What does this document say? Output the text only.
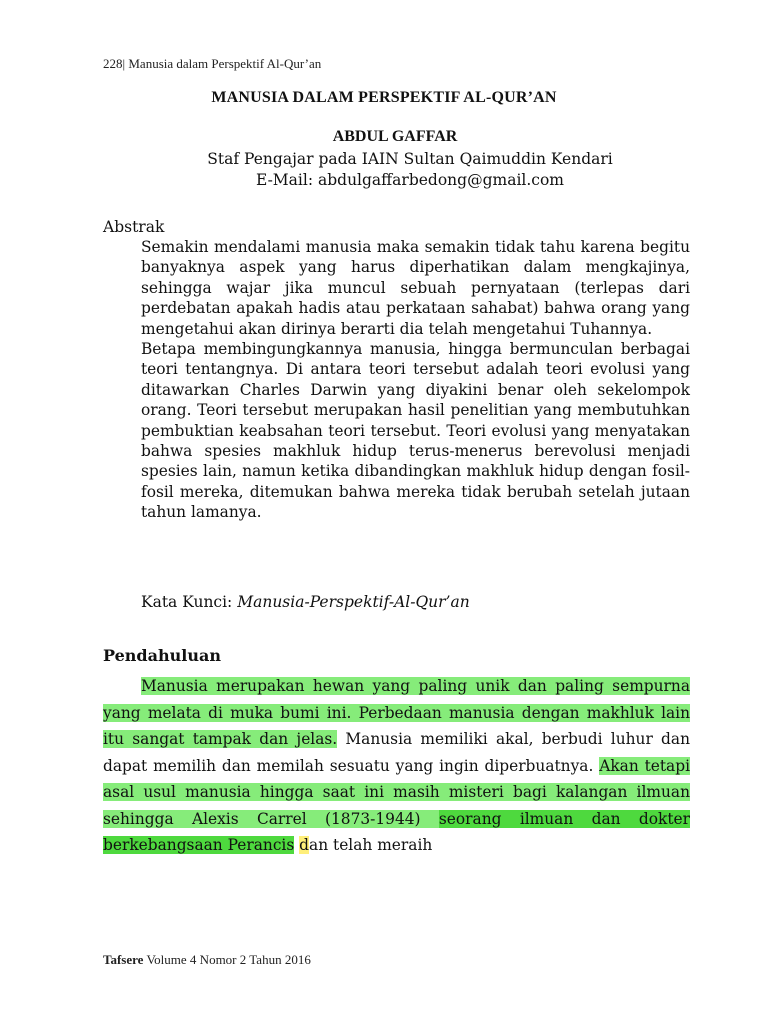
228| Manusia dalam Perspektif Al-Qur’an
MANUSIA DALAM PERSPEKTIF AL-QUR’AN
ABDUL GAFFAR
Staf Pengajar pada IAIN Sultan Qaimuddin Kendari
E-Mail: abdulgaffarbedong@gmail.com
Abstrak

Semakin mendalami manusia maka semakin tidak tahu karena begitu banyaknya aspek yang harus diperhatikan dalam mengkajinya, sehingga wajar jika muncul sebuah pernyataan (terlepas dari perdebatan apakah hadis atau perkataan sahabat) bahwa orang yang mengetahui akan dirinya berarti dia telah mengetahui Tuhannya.

Betapa membingungkannya manusia, hingga bermunculan berbagai teori tentangnya. Di antara teori tersebut adalah teori evolusi yang ditawarkan Charles Darwin yang diyakini benar oleh sekelompok orang. Teori tersebut merupakan hasil penelitian yang membutuhkan pembuktian keabsahan teori tersebut. Teori evolusi yang menyatakan bahwa spesies makhluk hidup terus-menerus berevolusi menjadi spesies lain, namun ketika dibandingkan makhluk hidup dengan fosil-fosil mereka, ditemukan bahwa mereka tidak berubah setelah jutaan tahun lamanya.

Kata Kunci: Manusia-Perspektif-Al-Qur’an
Pendahuluan

Manusia merupakan hewan yang paling unik dan paling sempurna yang melata di muka bumi ini. Perbedaan manusia dengan makhluk lain itu sangat tampak dan jelas. Manusia memiliki akal, berbudi luhur dan dapat memilih dan memilah sesuatu yang ingin diperbuatnya. Akan tetapi asal usul manusia hingga saat ini masih misteri bagi kalangan ilmuan sehingga Alexis Carrel (1873-1944) seorang ilmuan dan dokter berkebangsaan Perancis dan telah meraih

Tafsere Volume 4 Nomor 2 Tahun 2016
